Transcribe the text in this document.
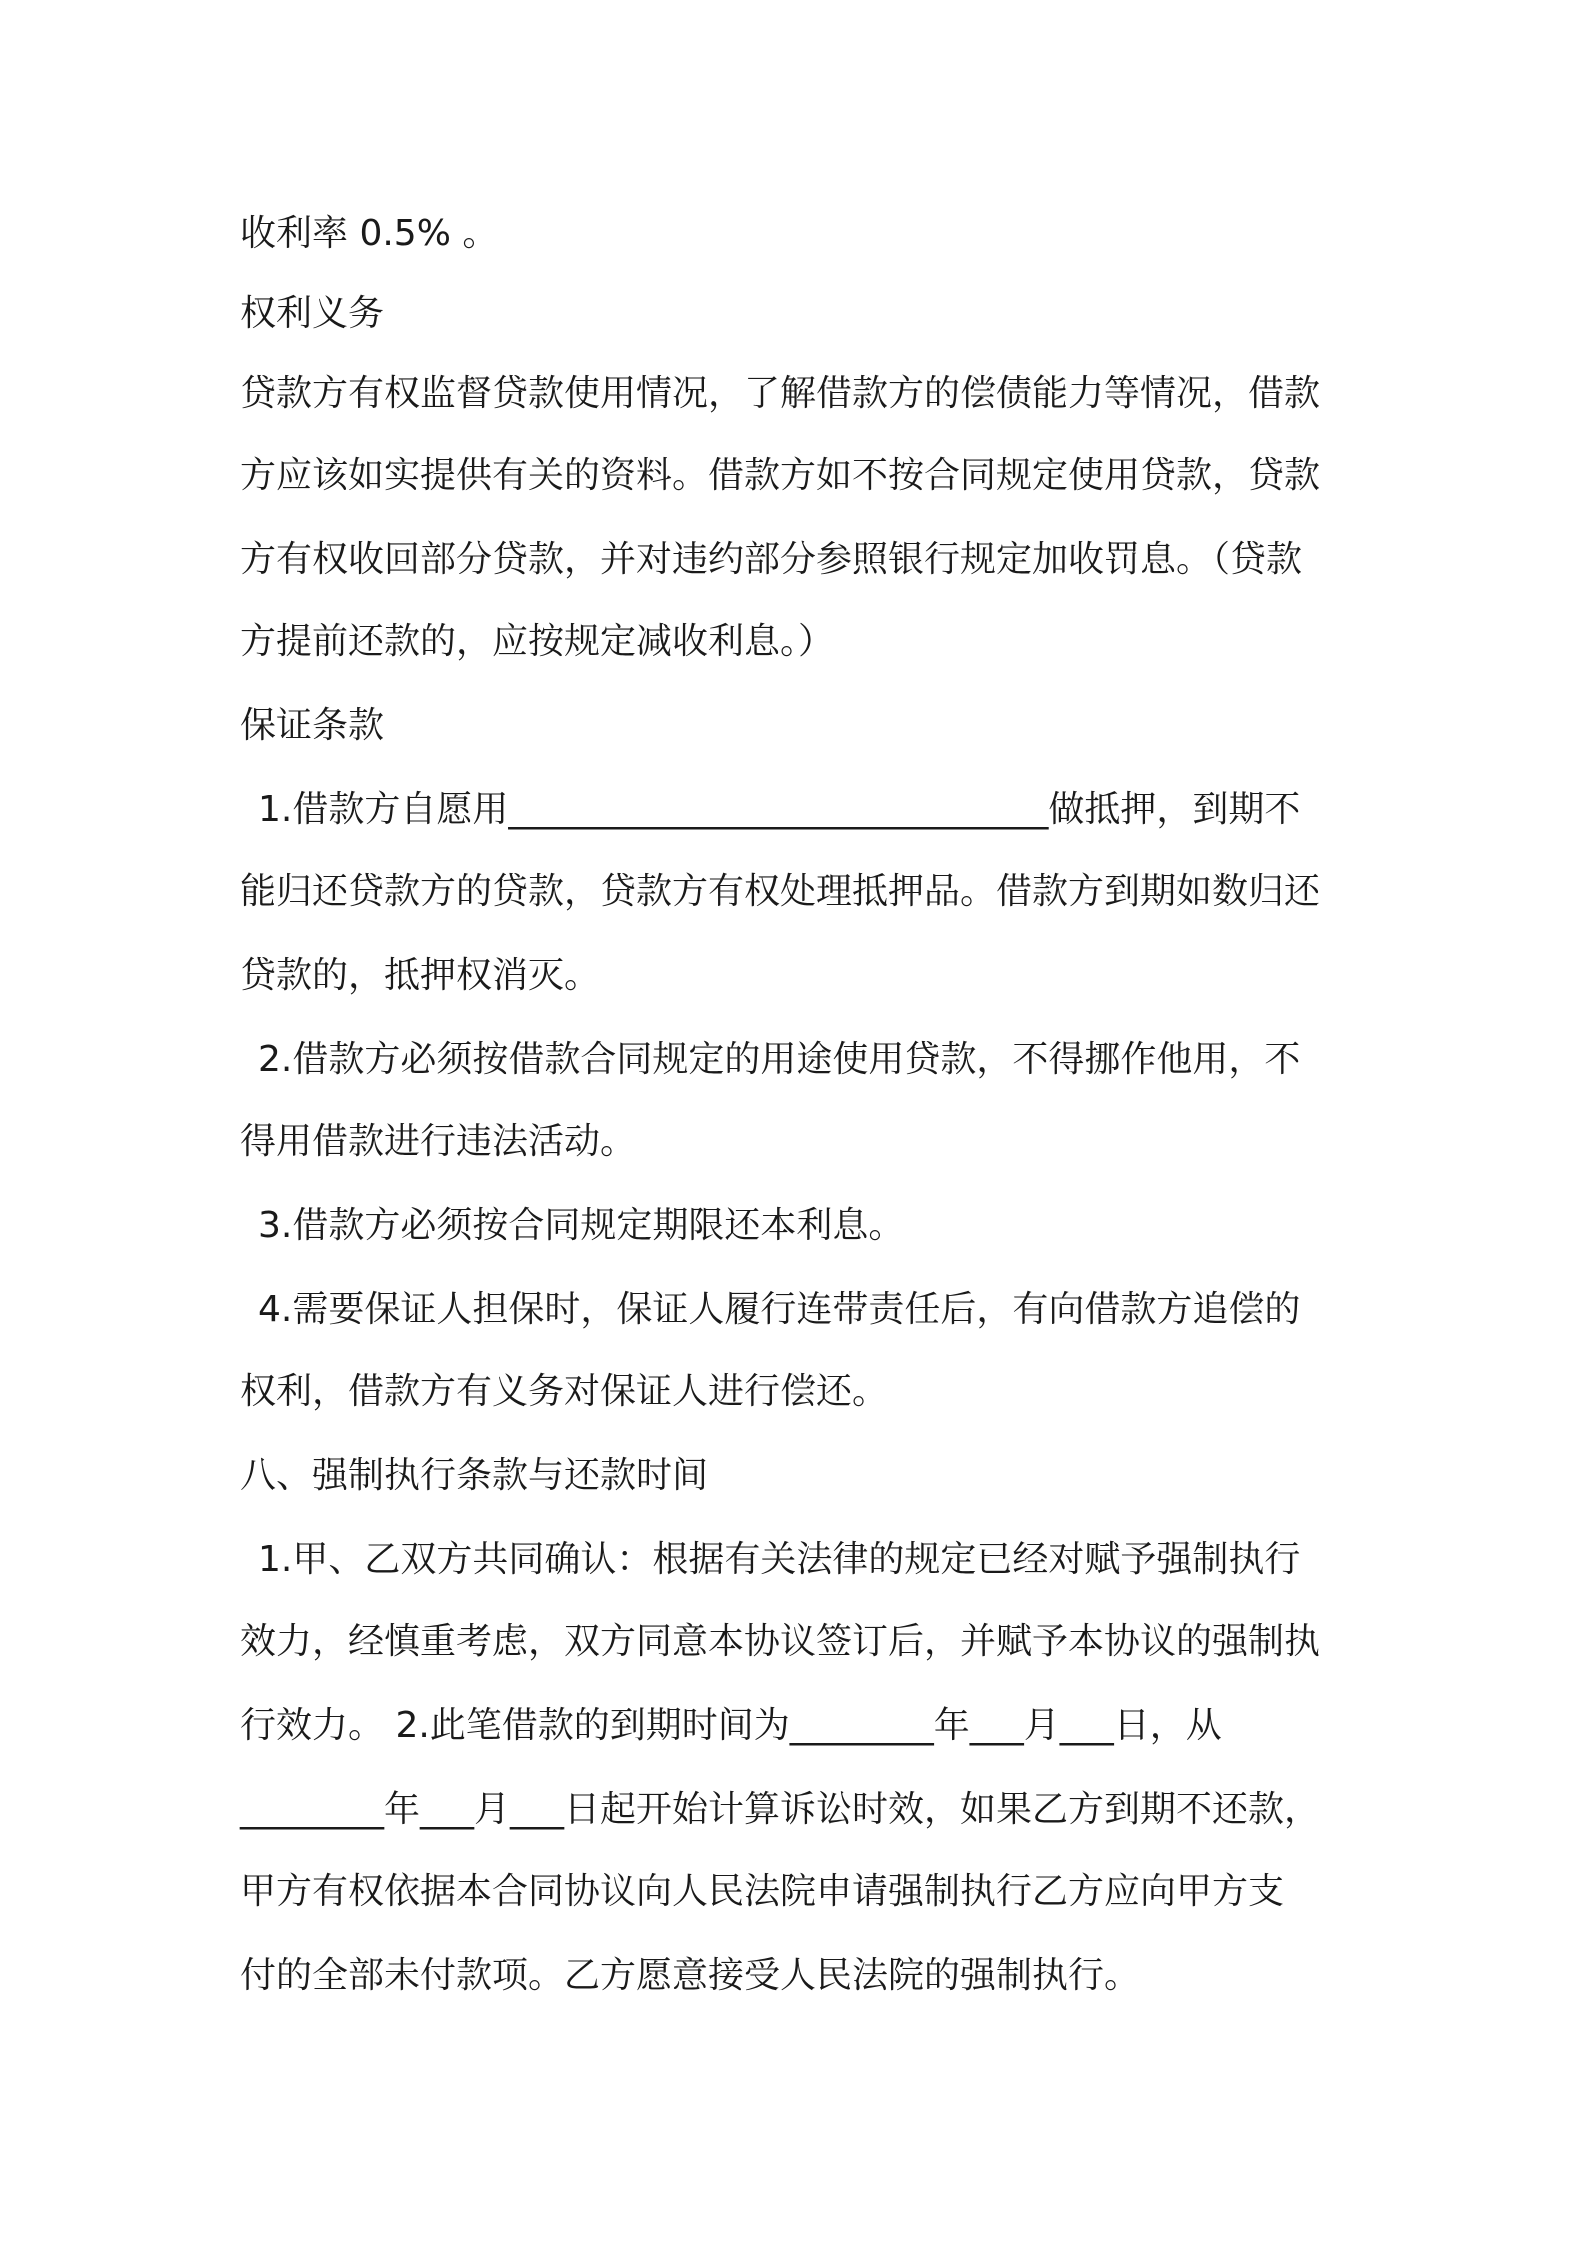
收利率 0.5% 。
权利义务
贷款方有权监督贷款使用情况，了解借款方的偿债能力等情况，借款
方应该如实提供有关的资料。借款方如不按合同规定使用贷款，贷款
方有权收回部分贷款，并对违约部分参照银行规定加收罚息。（贷款
方提前还款的，应按规定减收利息。）
保证条款
1.借款方自愿用______________________________做抵押，到期不
能归还贷款方的贷款，贷款方有权处理抵押品。借款方到期如数归还
贷款的，抵押权消灭。
2.借款方必须按借款合同规定的用途使用贷款，不得挪作他用，不
得用借款进行违法活动。
3.借款方必须按合同规定期限还本利息。
4.需要保证人担保时，保证人履行连带责任后，有向借款方追偿的
权利，借款方有义务对保证人进行偿还。
八、强制执行条款与还款时间
1.甲、乙双方共同确认：根据有关法律的规定已经对赋予强制执行
效力，经慎重考虑，双方同意本协议签订后，并赋予本协议的强制执
行效力。 2.此笔借款的到期时间为________年___月___日，从
________年___月___日起开始计算诉讼时效，如果乙方到期不还款，
甲方有权依据本合同协议向人民法院申请强制执行乙方应向甲方支
付的全部未付款项。乙方愿意接受人民法院的强制执行。
